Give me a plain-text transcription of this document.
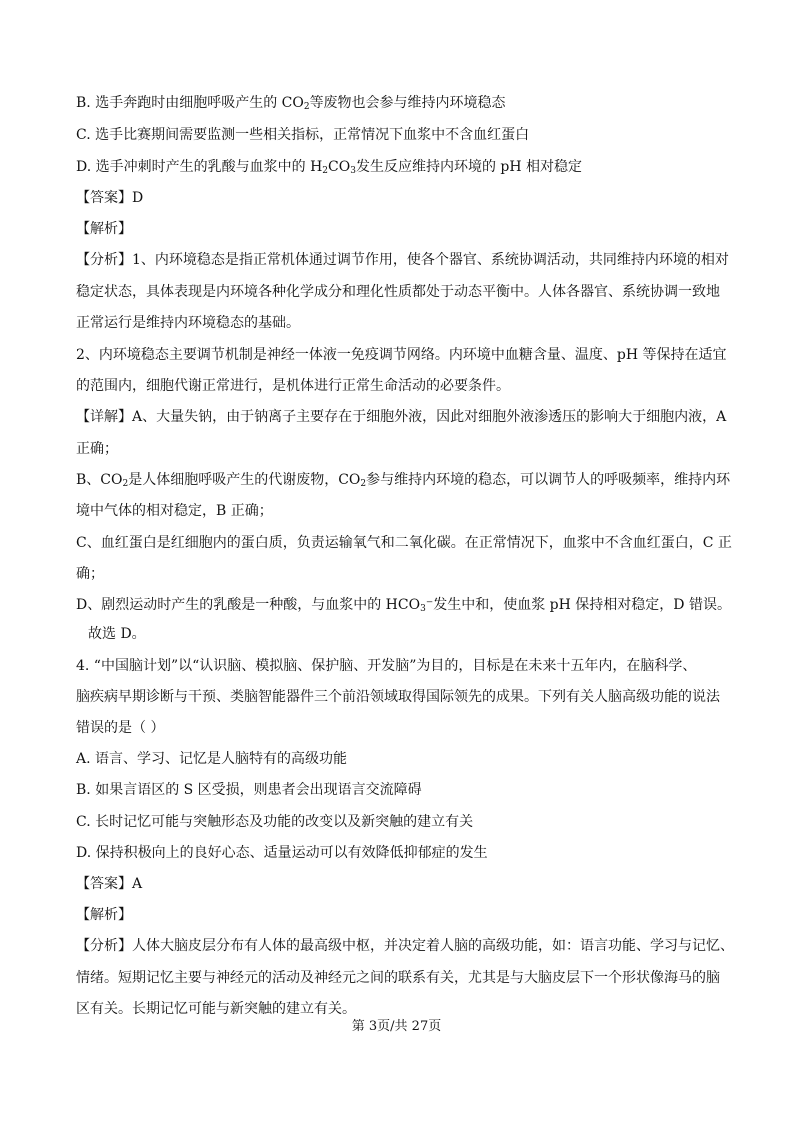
B. 选手奔跑时由细胞呼吸产生的 $CO_2$等废物也会参与维持内环境稳态
C. 选手比赛期间需要监测一些相关指标，正常情况下血浆中不含血红蛋白
D. 选手冲刺时产生的乳酸与血浆中的 $H_2CO_3$发生反应维持内环境的 pH 相对稳定
【答案】D
【解析】
【分析】1、内环境稳态是指正常机体通过调节作用，使各个器官、系统协调活动，共同维持内环境的相对
稳定状态，具体表现是内环境各种化学成分和理化性质都处于动态平衡中。人体各器官、系统协调一致地
正常运行是维持内环境稳态的基础。
2、内环境稳态主要调节机制是神经一体液一免疫调节网络。内环境中血糖含量、温度、pH 等保持在适宜
的范围内，细胞代谢正常进行，是机体进行正常生命活动的必要条件。
【详解】A、大量失钠，由于钠离子主要存在于细胞外液，因此对细胞外液渗透压的影响大于细胞内液，A
正确；
B、$CO_2$是人体细胞呼吸产生的代谢废物，$CO_2$参与维持内环境的稳态，可以调节人的呼吸频率，维持内环
境中气体的相对稳定，B 正确；
C、血红蛋白是红细胞内的蛋白质，负责运输氧气和二氧化碳。在正常情况下，血浆中不含血红蛋白，C 正
确；
D、剧烈运动时产生的乳酸是一种酸，与血浆中的 $HCO_3^-$发生中和，使血浆 pH 保持相对稳定，D 错误。
故选 D。
4. “中国脑计划”以“认识脑、模拟脑、保护脑、开发脑”为目的，目标是在未来十五年内，在脑科学、
脑疾病早期诊断与干预、类脑智能器件三个前沿领域取得国际领先的成果。下列有关人脑高级功能的说法
错误的是（ ）
A. 语言、学习、记忆是人脑特有的高级功能
B. 如果言语区的 S 区受损，则患者会出现语言交流障碍
C. 长时记忆可能与突触形态及功能的改变以及新突触的建立有关
D. 保持积极向上的良好心态、适量运动可以有效降低抑郁症的发生
【答案】A
【解析】
【分析】人体大脑皮层分布有人体的最高级中枢，并决定着人脑的高级功能，如：语言功能、学习与记忆、
情绪。短期记忆主要与神经元的活动及神经元之间的联系有关，尤其是与大脑皮层下一个形状像海马的脑
区有关。长期记忆可能与新突触的建立有关。
第 3页/共 27页
